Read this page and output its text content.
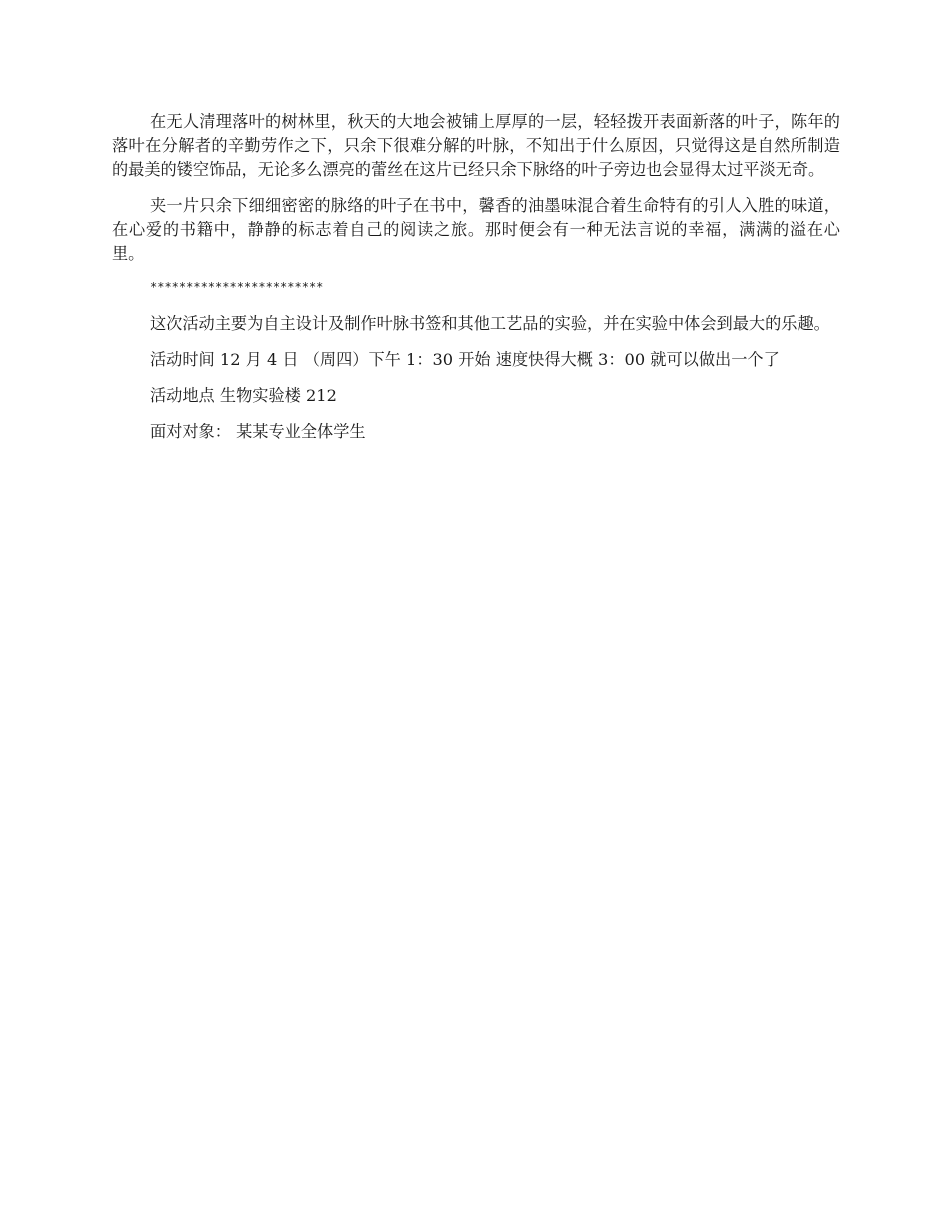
在无人清理落叶的树林里，秋天的大地会被铺上厚厚的一层，轻轻拨开表面新落的叶子，陈年的落叶在分解者的辛勤劳作之下，只余下很难分解的叶脉，不知出于什么原因，只觉得这是自然所制造的最美的镂空饰品，无论多么漂亮的蕾丝在这片已经只余下脉络的叶子旁边也会显得太过平淡无奇。

夹一片只余下细细密密的脉络的叶子在书中，馨香的油墨味混合着生命特有的引人入胜的味道，在心爱的书籍中，静静的标志着自己的阅读之旅。那时便会有一种无法言说的幸福，满满的溢在心里。

************************

这次活动主要为自主设计及制作叶脉书签和其他工艺品的实验，并在实验中体会到最大的乐趣。

活动时间 12 月 4 日 （周四）下午 1：30 开始 速度快得大概 3：00 就可以做出一个了

活动地点 生物实验楼 212

面对对象： 某某专业全体学生
